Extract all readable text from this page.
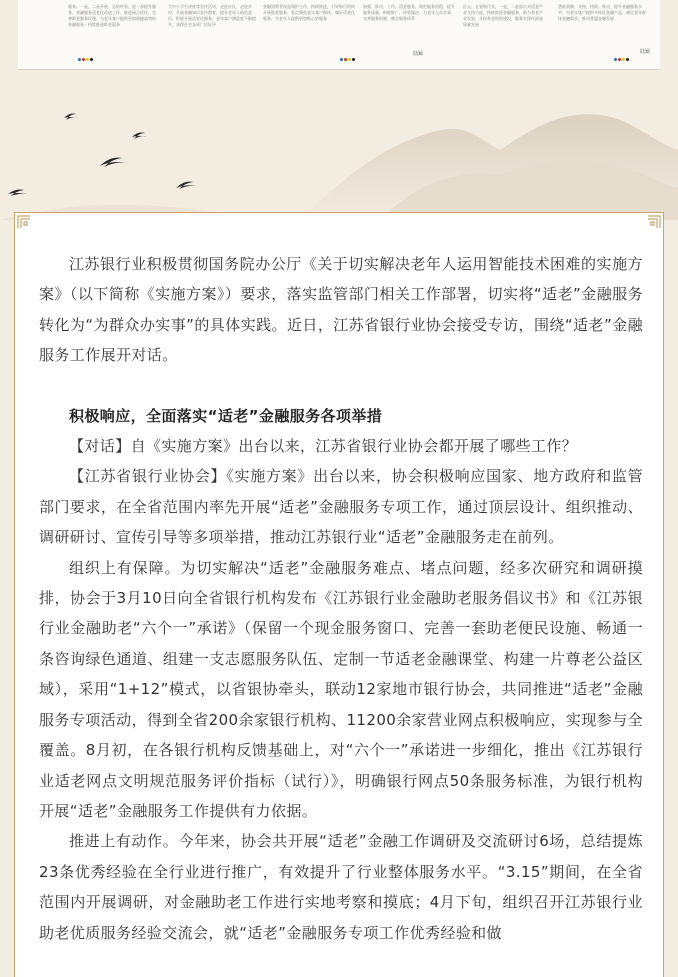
服务。一是，二是开展，总结经验，进一步提升服务，金融服务适老化改造工作，推进网点优化，完善助老服务设施，为老年客户提供更加便捷高效的金融服务，持续推进助老服务
大中小学生讲座等宣传活动，走进社区，走进乡村，开展金融知识宣传教育，提升老年人防范意识，积极开展适老化服务，老年客户满意度不断提升，获得社会各界广泛好评
金融消费者权益保护工作，持续推进，引导银行机构开展助老服务，重点聚焦老年客户群体，做好适老化服务，为老年人提供更加贴心的服务
加强，推动，工作，适老服务，规范服务流程，提升服务质量，积极推广，经验做法，为老年人办实事，完善服务机制，健全服务体系
陆颖
亿元。全省银行业，一是，二是加大对适老产业支持力度，持续推进金融服务，助力养老产业发展，支持养老机构建设，服务实体经济高质量发展
贷款余额，支持，持续，推动，提升金融服务水平，为老年客户提供多样化金融产品，满足老年群体金融需求，推动普惠金融发展
陆颖

江苏银行业积极贯彻国务院办公厅《关于切实解决老年人运用智能技术困难的实施方案》（以下简称《实施方案》）要求，落实监管部门相关工作部署，切实将“适老”金融服务转化为“为群众办实事”的具体实践。近日，江苏省银行业协会接受专访，围绕“适老”金融服务工作展开对话。

积极响应，全面落实“适老”金融服务各项举措

【对话】自《实施方案》出台以来，江苏省银行业协会都开展了哪些工作？

【江苏省银行业协会】《实施方案》出台以来，协会积极响应国家、地方政府和监管部门要求，在全省范围内率先开展“适老”金融服务专项工作，通过顶层设计、组织推动、调研研讨、宣传引导等多项举措，推动江苏银行业“适老”金融服务走在前列。

组织上有保障。为切实解决“适老”金融服务难点、堵点问题，经多次研究和调研摸排，协会于3月10日向全省银行机构发布《江苏银行业金融助老服务倡议书》和《江苏银行业金融助老“六个一”承诺》（保留一个现金服务窗口、完善一套助老便民设施、畅通一条咨询绿色通道、组建一支志愿服务队伍、定制一节适老金融课堂、构建一片尊老公益区域），采用“1+12”模式，以省银协牵头，联动12家地市银行协会，共同推进“适老”金融服务专项活动，得到全省200余家银行机构、11200余家营业网点积极响应，实现参与全覆盖。8月初，在各银行机构反馈基础上，对“六个一”承诺进一步细化，推出《江苏银行业适老网点文明规范服务评价指标（试行）》，明确银行网点50条服务标准，为银行机构开展“适老”金融服务工作提供有力依据。

推进上有动作。今年来，协会共开展“适老”金融工作调研及交流研讨6场，总结提炼23条优秀经验在全行业进行推广，有效提升了行业整体服务水平。“3.15”期间，在全省范围内开展调研，对金融助老工作进行实地考察和摸底；4月下旬，组织召开江苏银行业助老优质服务经验交流会，就“适老”金融服务专项工作优秀经验和做
